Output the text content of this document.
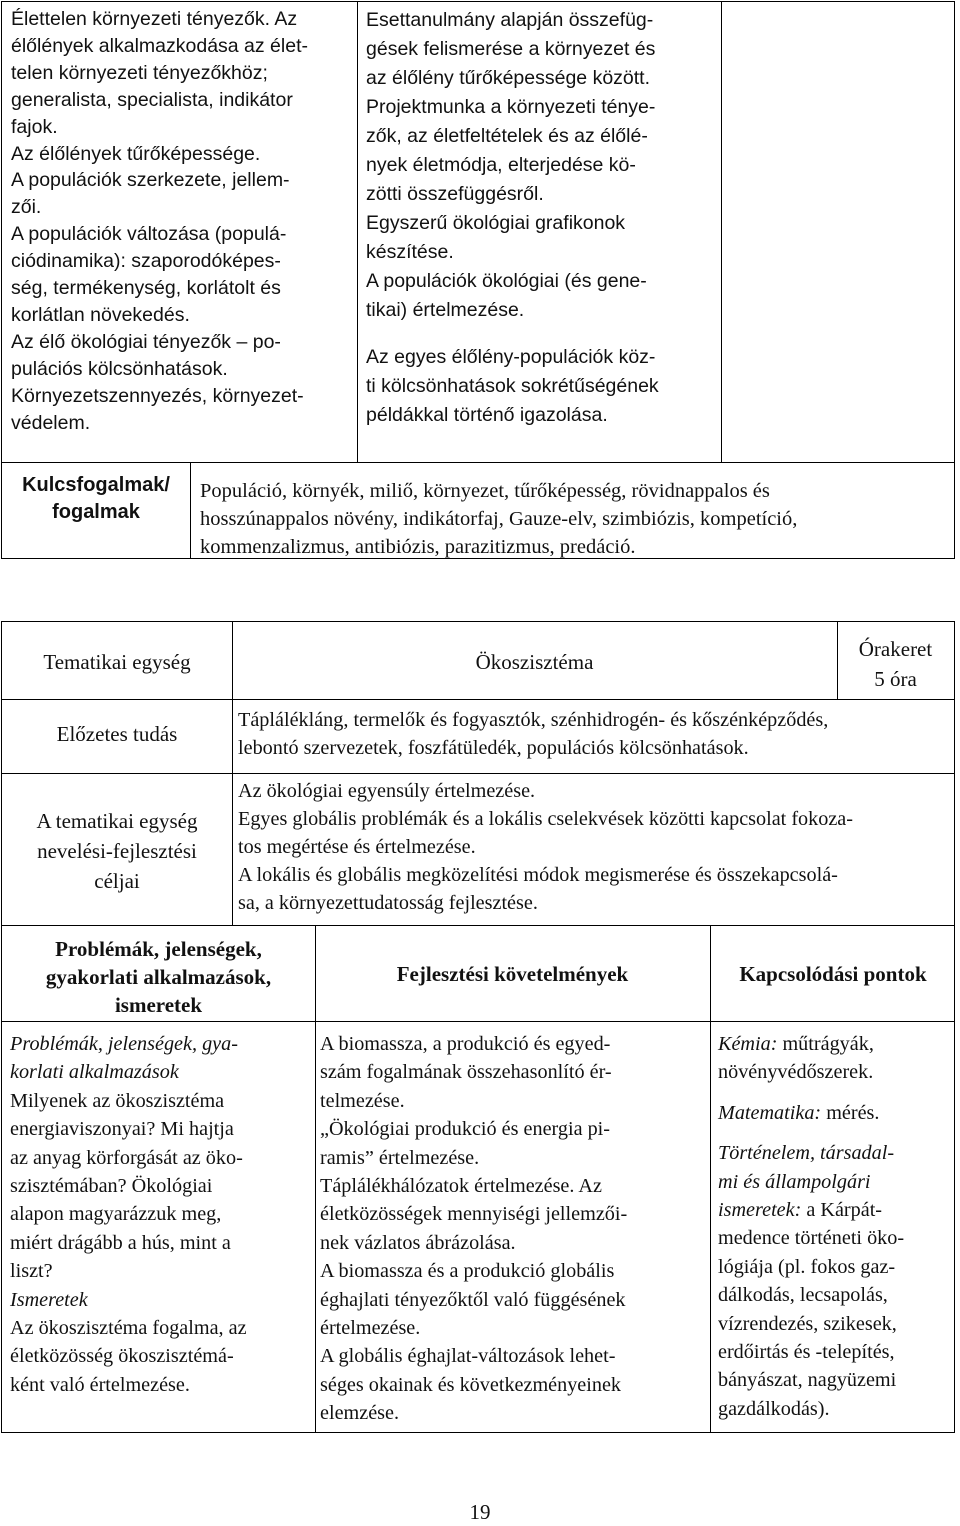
Élettelen környezeti tényezők. Az
élőlények alkalmazkodása az élet-
telen környezeti tényezőkhöz;
generalista, specialista, indikátor
fajok.
Az élőlények tűrőképessége.
A populációk szerkezete, jellem-
zői.
A populációk változása (populá-
ciódinamika): szaporodóképes-
ség, termékenység, korlátolt és
korlátlan növekedés.
Az élő ökológiai tényezők – po-
pulációs kölcsönhatások.
Környezetszennyezés, környezet-
védelem.
Esettanulmány alapján összefüg-
gések felismerése a környezet és
az élőlény tűrőképessége között.
Projektmunka a környezeti ténye-
zők, az életfeltételek és az élőlé-
nyek életmódja, elterjedése kö-
zötti összefüggésről.
Egyszerű ökológiai grafikonok
készítése.
A populációk ökológiai (és gene-
tikai) értelmezése.
Az egyes élőlény-populációk köz-
ti kölcsönhatások sokrétűségének
példákkal történő igazolása.
Kulcsfogalmak/
fogalmak
Populáció, környék, miliő, környezet, tűrőképesség, rövidnappalos és
hosszúnappalos növény, indikátorfaj, Gauze-elv, szimbiózis, kompetíció,
kommenzalizmus, antibiózis, parazitizmus, predáció.
Tematikai egység	Ökoszisztéma
Órakeret
5 óra
Előzetes tudás
Táplálékláng, termelők és fogyasztók, szénhidrogén- és kőszénképződés,
lebontó szervezetek, foszfátüledék, populációs kölcsönhatások.
A tematikai egység
nevelési-fejlesztési
céljai
Az ökológiai egyensúly értelmezése.
Egyes globális problémák és a lokális cselekvések közötti kapcsolat fokoza-
tos megértése és értelmezése.
A lokális és globális megközelítési módok megismerése és összekapcsolá-
sa, a környezettudatosság fejlesztése.
Problémák, jelenségek,
gyakorlati alkalmazások,
ismeretek
Fejlesztési követelmények	Kapcsolódási pontok
Problémák, jelenségek, gya-
korlati alkalmazások
Milyenek az ökoszisztéma
energiaviszonyai? Mi hajtja
az anyag körforgását az öko-
szisztémában? Ökológiai
alapon magyarázzuk meg,
miért drágább a hús, mint a
liszt?
Ismeretek
Az ökoszisztéma fogalma, az
életközösség ökoszisztémá-
ként való értelmezése.
A biomassza, a produkció és egyed-
szám fogalmának összehasonlító ér-
telmezése.
„Ökológiai produkció és energia pi-
ramis” értelmezése.
Táplálékhálózatok értelmezése. Az
életközösségek mennyiségi jellemzői-
nek vázlatos ábrázolása.
A biomassza és a produkció globális
éghajlati tényezőktől való függésének
értelmezése.
A globális éghajlat-változások lehet-
séges okainak és következményeinek
elemzése.
Kémia: műtrágyák,
növényvédőszerek.
Matematika: mérés.
Történelem, társadal-
mi és állampolgári
ismeretek: a Kárpát-
medence történeti öko-
lógiája (pl. fokos gaz-
dálkodás, lecsapolás,
vízrendezés, szikesek,
erdőirtás és -telepítés,
bányászat, nagyüzemi
gazdálkodás).
19
